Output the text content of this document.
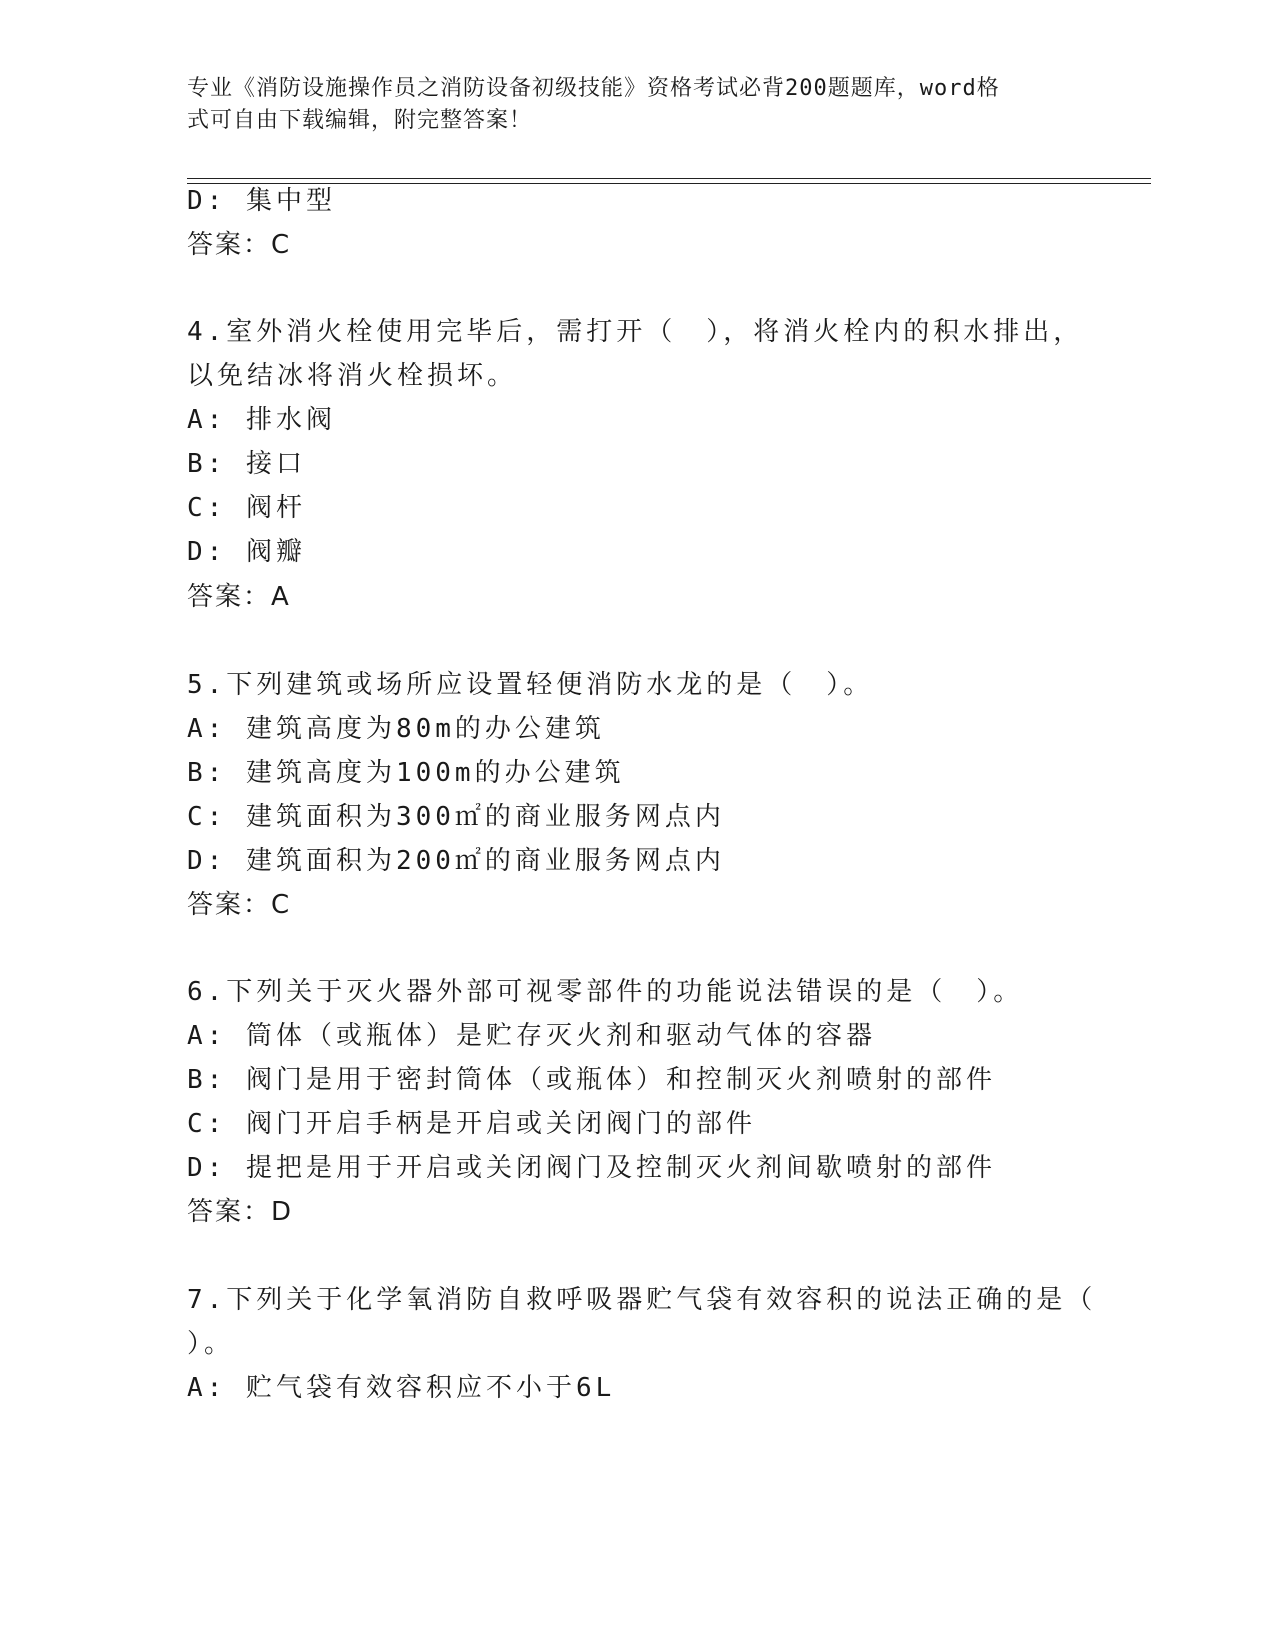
专业《消防设施操作员之消防设备初级技能》资格考试必背200题题库，word格
式可自由下载编辑，附完整答案！
D: 集中型
答案：C
4.室外消火栓使用完毕后，需打开（　），将消火栓内的积水排出，
以免结冰将消火栓损坏。
A: 排水阀
B: 接口
C: 阀杆
D: 阀瓣
答案：A
5.下列建筑或场所应设置轻便消防水龙的是（　）。
A: 建筑高度为80m的办公建筑
B: 建筑高度为100m的办公建筑
C: 建筑面积为300㎡的商业服务网点内
D: 建筑面积为200㎡的商业服务网点内
答案：C
6.下列关于灭火器外部可视零部件的功能说法错误的是（　）。
A: 筒体（或瓶体）是贮存灭火剂和驱动气体的容器
B: 阀门是用于密封筒体（或瓶体）和控制灭火剂喷射的部件
C: 阀门开启手柄是开启或关闭阀门的部件
D: 提把是用于开启或关闭阀门及控制灭火剂间歇喷射的部件
答案：D
7.下列关于化学氧消防自救呼吸器贮气袋有效容积的说法正确的是（
）。
A: 贮气袋有效容积应不小于6L
